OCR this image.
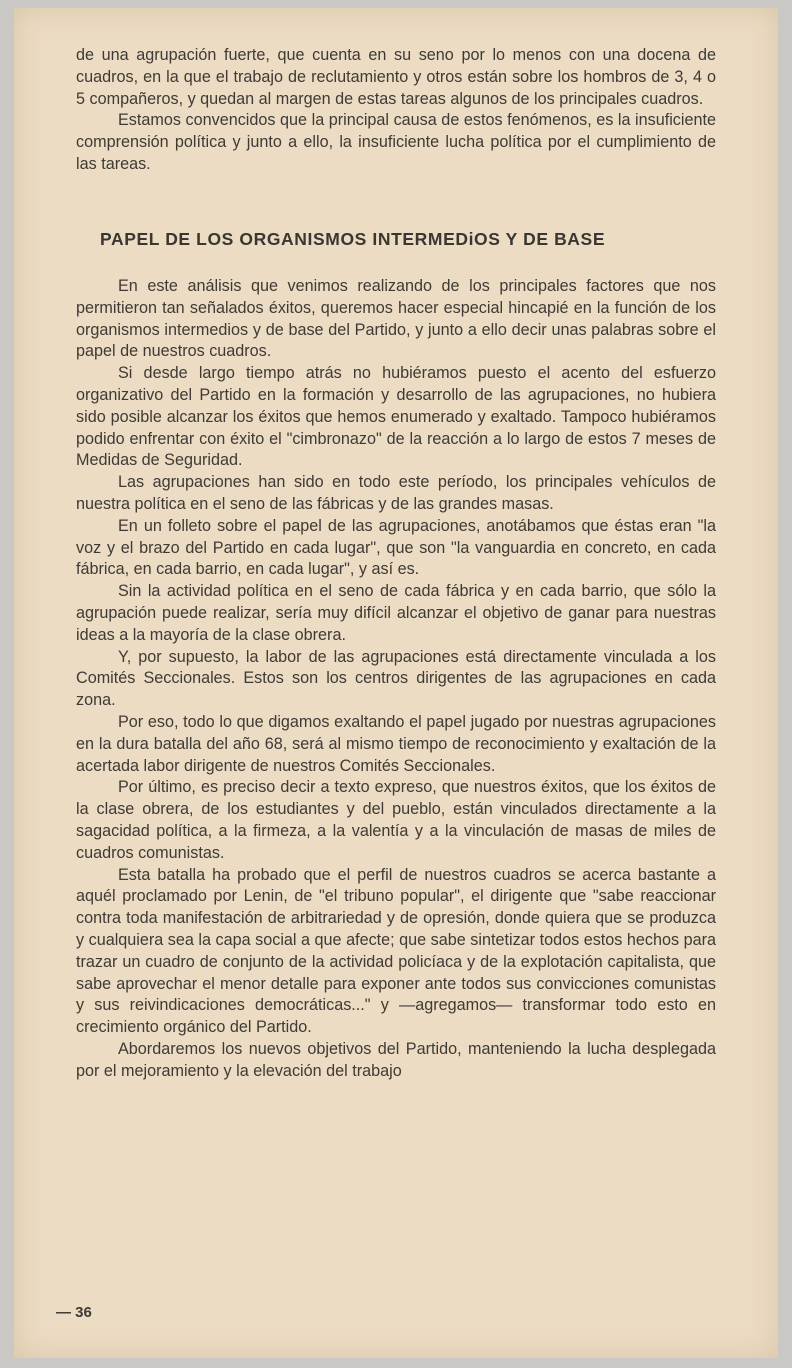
de una agrupación fuerte, que cuenta en su seno por lo menos con una docena de cuadros, en la que el trabajo de reclutamiento y otros están sobre los hombros de 3, 4 o 5 compañeros, y quedan al margen de estas tareas algunos de los principales cuadros.

Estamos convencidos que la principal causa de estos fenómenos, es la insuficiente comprensión política y junto a ello, la insuficiente lucha política por el cumplimiento de las tareas.

PAPEL DE LOS ORGANISMOS INTERMEDiOS Y DE BASE

En este análisis que venimos realizando de los principales factores que nos permitieron tan señalados éxitos, queremos hacer especial hincapié en la función de los organismos intermedios y de base del Partido, y junto a ello decir unas palabras sobre el papel de nuestros cuadros.

Si desde largo tiempo atrás no hubiéramos puesto el acento del esfuerzo organizativo del Partido en la formación y desarrollo de las agrupaciones, no hubiera sido posible alcanzar los éxitos que hemos enumerado y exaltado. Tampoco hubiéramos podido enfrentar con éxito el "cimbronazo" de la reacción a lo largo de estos 7 meses de Medidas de Seguridad.

Las agrupaciones han sido en todo este período, los principales vehículos de nuestra política en el seno de las fábricas y de las grandes masas.

En un folleto sobre el papel de las agrupaciones, anotábamos que éstas eran "la voz y el brazo del Partido en cada lugar", que son "la vanguardia en concreto, en cada fábrica, en cada barrio, en cada lugar", y así es.

Sin la actividad política en el seno de cada fábrica y en cada barrio, que sólo la agrupación puede realizar, sería muy difícil alcanzar el objetivo de ganar para nuestras ideas a la mayoría de la clase obrera.

Y, por supuesto, la labor de las agrupaciones está directamente vinculada a los Comités Seccionales. Estos son los centros dirigentes de las agrupaciones en cada zona.

Por eso, todo lo que digamos exaltando el papel jugado por nuestras agrupaciones en la dura batalla del año 68, será al mismo tiempo de reconocimiento y exaltación de la acertada labor dirigente de nuestros Comités Seccionales.

Por último, es preciso decir a texto expreso, que nuestros éxitos, que los éxitos de la clase obrera, de los estudiantes y del pueblo, están vinculados directamente a la sagacidad política, a la firmeza, a la valentía y a la vinculación de masas de miles de cuadros comunistas.

Esta batalla ha probado que el perfil de nuestros cuadros se acerca bastante a aquél proclamado por Lenin, de "el tribuno popular", el dirigente que "sabe reaccionar contra toda manifestación de arbitrariedad y de opresión, donde quiera que se produzca y cualquiera sea la capa social a que afecte; que sabe sintetizar todos estos hechos para trazar un cuadro de conjunto de la actividad policíaca y de la explotación capitalista, que sabe aprovechar el menor detalle para exponer ante todos sus convicciones comunistas y sus reivindicaciones democráticas..." y —agregamos— transformar todo esto en crecimiento orgánico del Partido.

Abordaremos los nuevos objetivos del Partido, manteniendo la lucha desplegada por el mejoramiento y la elevación del trabajo

— 36
